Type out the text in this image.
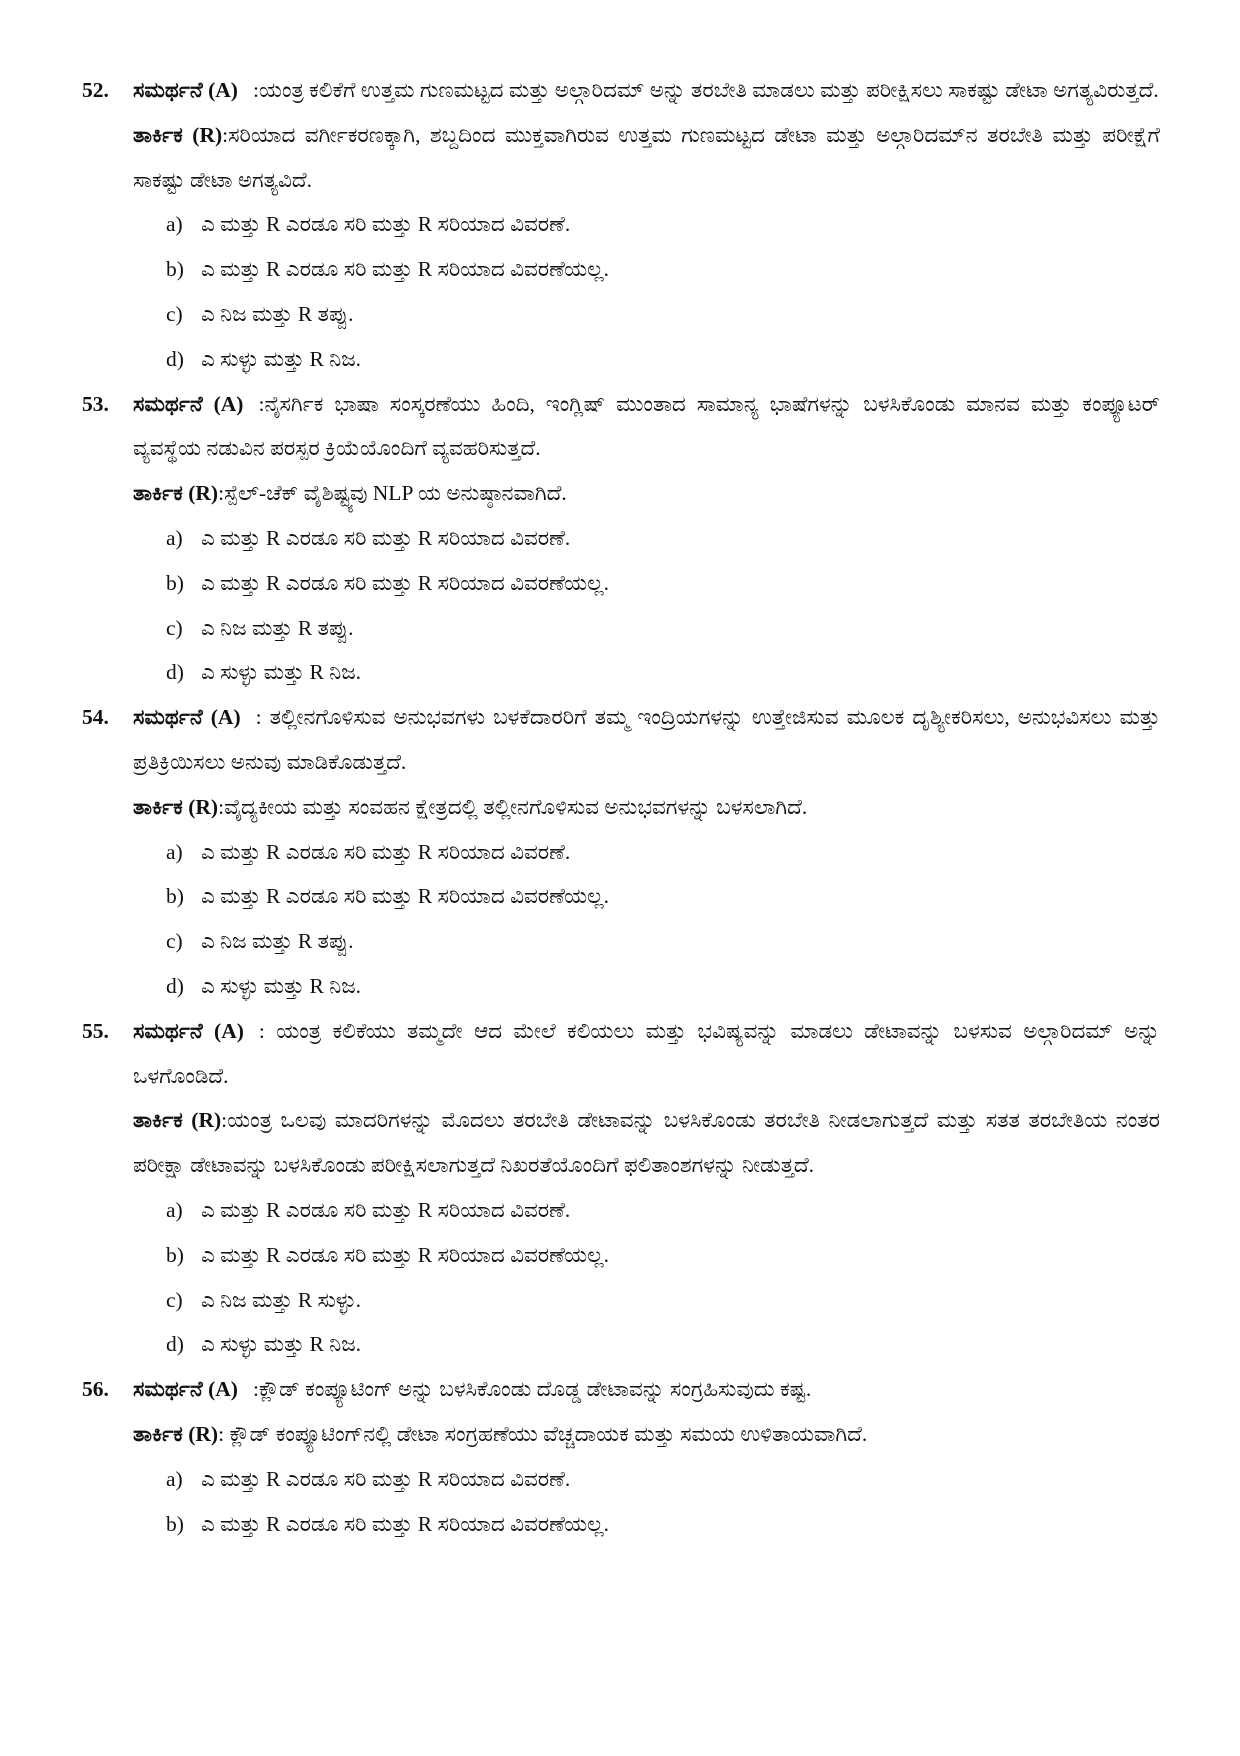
52.	ಸಮರ್ಥನೆ (A) :ಯಂತ್ರ ಕಲಿಕೆಗೆ ಉತ್ತಮ ಗುಣಮಟ್ಟದ ಮತ್ತು ಅಲ್ಗಾರಿದಮ್ ಅನ್ನು ತರಬೇತಿ ಮಾಡಲು ಮತ್ತು ಪರೀಕ್ಷಿಸಲು ಸಾಕಷ್ಟು ಡೇಟಾ ಅಗತ್ಯವಿರುತ್ತದೆ.

ತಾರ್ಕಿಕ (R):ಸರಿಯಾದ ವರ್ಗೀಕರಣಕ್ಕಾಗಿ, ಶಬ್ದದಿಂದ ಮುಕ್ತವಾಗಿರುವ ಉತ್ತಮ ಗುಣಮಟ್ಟದ ಡೇಟಾ ಮತ್ತು ಅಲ್ಗಾರಿದಮ್‌ನ ತರಬೇತಿ ಮತ್ತು ಪರೀಕ್ಷೆಗೆ ಸಾಕಷ್ಟು ಡೇಟಾ ಅಗತ್ಯವಿದೆ.

a) ಎ ಮತ್ತು R ಎರಡೂ ಸರಿ ಮತ್ತು R ಸರಿಯಾದ ವಿವರಣೆ.
b) ಎ ಮತ್ತು R ಎರಡೂ ಸರಿ ಮತ್ತು R ಸರಿಯಾದ ವಿವರಣೆಯಲ್ಲ.
c) ಎ ನಿಜ ಮತ್ತು R ತಪ್ಪು.
d) ಎ ಸುಳ್ಳು ಮತ್ತು R ನಿಜ.
53.	ಸಮರ್ಥನೆ (A) :ನೈಸರ್ಗಿಕ ಭಾಷಾ ಸಂಸ್ಕರಣೆಯು ಹಿಂದಿ, ಇಂಗ್ಲಿಷ್ ಮುಂತಾದ ಸಾಮಾನ್ಯ ಭಾಷೆಗಳನ್ನು ಬಳಸಿಕೊಂಡು ಮಾನವ ಮತ್ತು ಕಂಪ್ಯೂಟರ್ ವ್ಯವಸ್ಥೆಯ ನಡುವಿನ ಪರಸ್ಪರ ಕ್ರಿಯೆಯೊಂದಿಗೆ ವ್ಯವಹರಿಸುತ್ತದೆ.

ತಾರ್ಕಿಕ (R):ಸ್ಪೆಲ್-ಚೆಕ್ ವೈಶಿಷ್ಟ್ಯವು NLP ಯ ಅನುಷ್ಠಾನವಾಗಿದೆ.

a) ಎ ಮತ್ತು R ಎರಡೂ ಸರಿ ಮತ್ತು R ಸರಿಯಾದ ವಿವರಣೆ.
b) ಎ ಮತ್ತು R ಎರಡೂ ಸರಿ ಮತ್ತು R ಸರಿಯಾದ ವಿವರಣೆಯಲ್ಲ.
c) ಎ ನಿಜ ಮತ್ತು R ತಪ್ಪು.
d) ಎ ಸುಳ್ಳು ಮತ್ತು R ನಿಜ.
54.	ಸಮರ್ಥನೆ (A) : ತಲ್ಲೀನಗೊಳಿಸುವ ಅನುಭವಗಳು ಬಳಕೆದಾರರಿಗೆ ತಮ್ಮ ಇಂದ್ರಿಯಗಳನ್ನು ಉತ್ತೇಜಿಸುವ ಮೂಲಕ ದೃಶ್ಯೀಕರಿಸಲು, ಅನುಭವಿಸಲು ಮತ್ತು ಪ್ರತಿಕ್ರಿಯಿಸಲು ಅನುವು ಮಾಡಿಕೊಡುತ್ತದೆ.

ತಾರ್ಕಿಕ (R):ವೈದ್ಯಕೀಯ ಮತ್ತು ಸಂವಹನ ಕ್ಷೇತ್ರದಲ್ಲಿ ತಲ್ಲೀನಗೊಳಿಸುವ ಅನುಭವಗಳನ್ನು ಬಳಸಲಾಗಿದೆ.

a) ಎ ಮತ್ತು R ಎರಡೂ ಸರಿ ಮತ್ತು R ಸರಿಯಾದ ವಿವರಣೆ.
b) ಎ ಮತ್ತು R ಎರಡೂ ಸರಿ ಮತ್ತು R ಸರಿಯಾದ ವಿವರಣೆಯಲ್ಲ.
c) ಎ ನಿಜ ಮತ್ತು R ತಪ್ಪು.
d) ಎ ಸುಳ್ಳು ಮತ್ತು R ನಿಜ.
55.	ಸಮರ್ಥನೆ (A) : ಯಂತ್ರ ಕಲಿಕೆಯು ತಮ್ಮದೇ ಆದ ಮೇಲೆ ಕಲಿಯಲು ಮತ್ತು ಭವಿಷ್ಯವನ್ನು ಮಾಡಲು ಡೇಟಾವನ್ನು ಬಳಸುವ ಅಲ್ಗಾರಿದಮ್ ಅನ್ನು ಒಳಗೊಂಡಿದೆ.

ತಾರ್ಕಿಕ (R):ಯಂತ್ರ ಒಲವು ಮಾದರಿಗಳನ್ನು ಮೊದಲು ತರಬೇತಿ ಡೇಟಾವನ್ನು ಬಳಸಿಕೊಂಡು ತರಬೇತಿ ನೀಡಲಾಗುತ್ತದೆ ಮತ್ತು ಸತತ ತರಬೇತಿಯ ನಂತರ ಪರೀಕ್ಷಾ ಡೇಟಾವನ್ನು ಬಳಸಿಕೊಂಡು ಪರೀಕ್ಷಿಸಲಾಗುತ್ತದೆ ನಿಖರತೆಯೊಂದಿಗೆ ಫಲಿತಾಂಶಗಳನ್ನು ನೀಡುತ್ತದೆ.

a) ಎ ಮತ್ತು R ಎರಡೂ ಸರಿ ಮತ್ತು R ಸರಿಯಾದ ವಿವರಣೆ.
b) ಎ ಮತ್ತು R ಎರಡೂ ಸರಿ ಮತ್ತು R ಸರಿಯಾದ ವಿವರಣೆಯಲ್ಲ.
c) ಎ ನಿಜ ಮತ್ತು R ಸುಳ್ಳು.
d) ಎ ಸುಳ್ಳು ಮತ್ತು R ನಿಜ.
56.	ಸಮರ್ಥನೆ (A) :ಕ್ಲೌಡ್ ಕಂಪ್ಯೂಟಿಂಗ್ ಅನ್ನು ಬಳಸಿಕೊಂಡು ದೊಡ್ಡ ಡೇಟಾವನ್ನು ಸಂಗ್ರಹಿಸುವುದು ಕಷ್ಟ.

ತಾರ್ಕಿಕ (R): ಕ್ಲೌಡ್ ಕಂಪ್ಯೂಟಿಂಗ್‌ನಲ್ಲಿ ಡೇಟಾ ಸಂಗ್ರಹಣೆಯು ವೆಚ್ಚದಾಯಕ ಮತ್ತು ಸಮಯ ಉಳಿತಾಯವಾಗಿದೆ.

a) ಎ ಮತ್ತು R ಎರಡೂ ಸರಿ ಮತ್ತು R ಸರಿಯಾದ ವಿವರಣೆ.
b) ಎ ಮತ್ತು R ಎರಡೂ ಸರಿ ಮತ್ತು R ಸರಿಯಾದ ವಿವರಣೆಯಲ್ಲ.
